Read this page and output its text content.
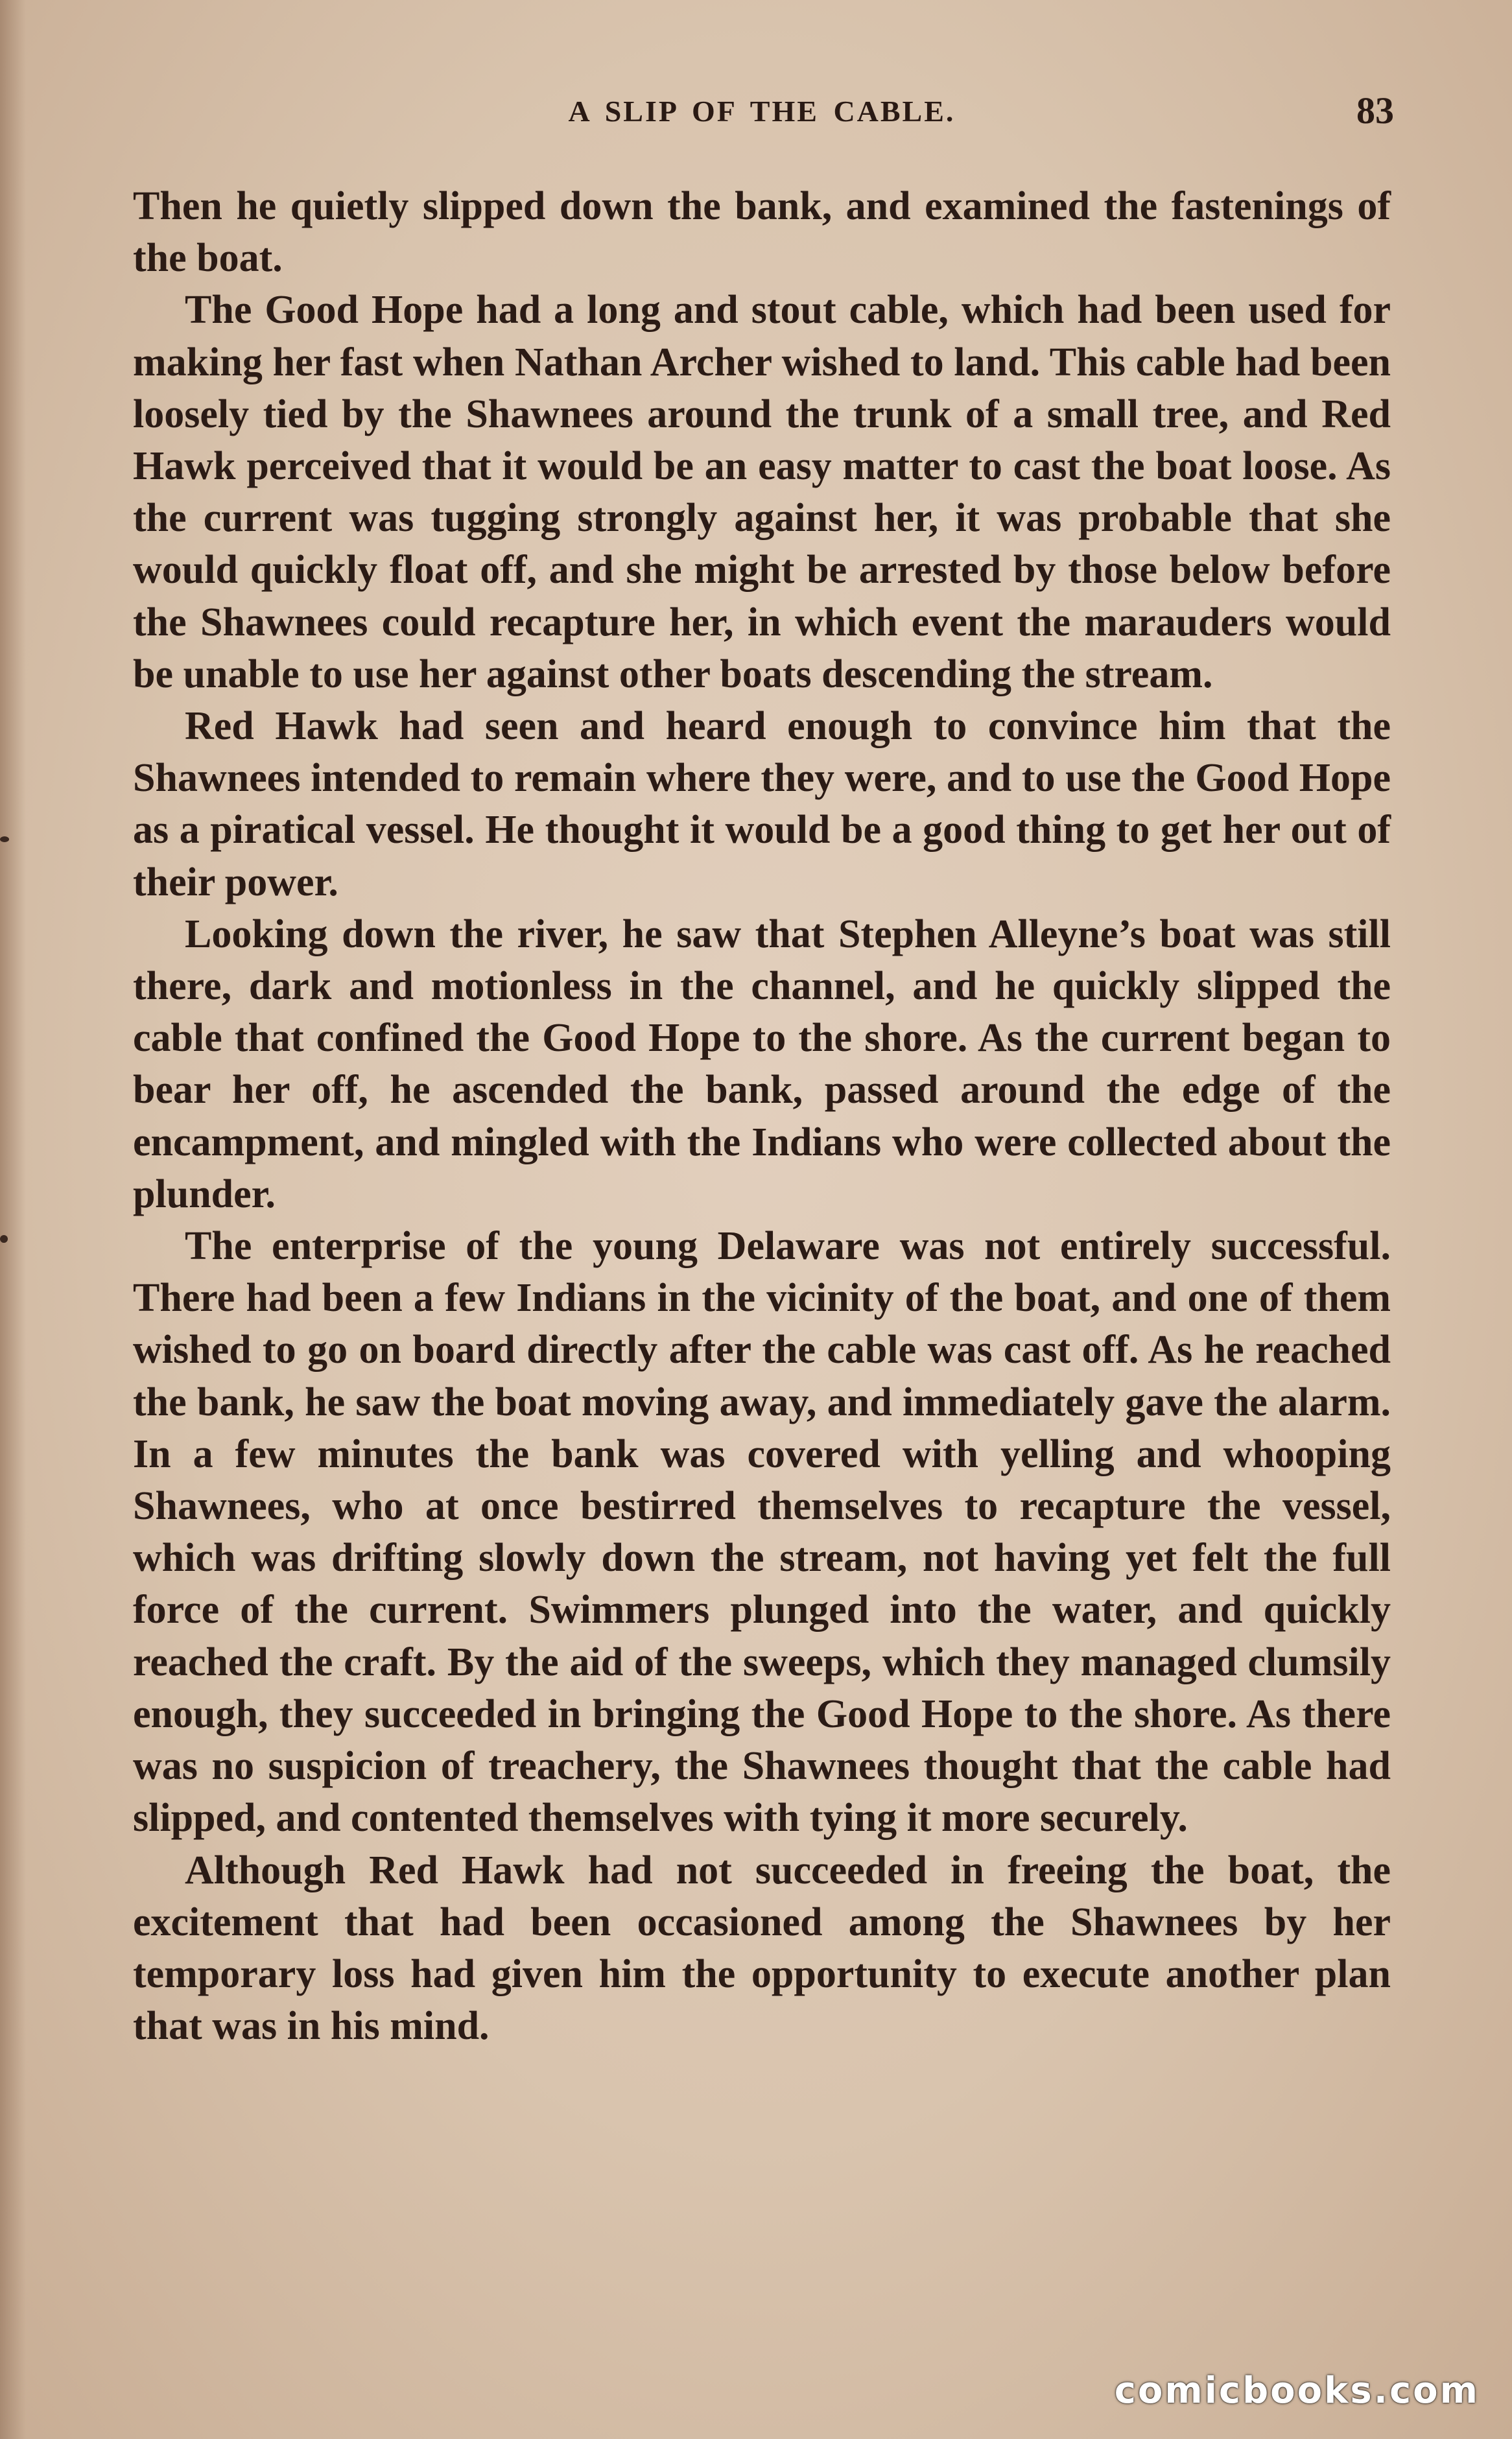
A SLIP OF THE CABLE.	83

Then he quietly slipped down the bank, and examined the fastenings of the boat.

The Good Hope had a long and stout cable, which had been used for making her fast when Nathan Archer wished to land. This cable had been loosely tied by the Shawnees around the trunk of a small tree, and Red Hawk perceived that it would be an easy matter to cast the boat loose. As the current was tugging strongly against her, it was probable that she would quickly float off, and she might be arrested by those below before the Shawnees could recapture her, in which event the marauders would be unable to use her against other boats descending the stream.

Red Hawk had seen and heard enough to convince him that the Shawnees intended to remain where they were, and to use the Good Hope as a piratical vessel. He thought it would be a good thing to get her out of their power.

Looking down the river, he saw that Stephen Alleyne’s boat was still there, dark and motionless in the channel, and he quickly slipped the cable that confined the Good Hope to the shore. As the current began to bear her off, he ascended the bank, passed around the edge of the encampment, and mingled with the Indians who were collected about the plunder.

The enterprise of the young Delaware was not entirely successful. There had been a few Indians in the vicinity of the boat, and one of them wished to go on board directly after the cable was cast off. As he reached the bank, he saw the boat moving away, and immediately gave the alarm. In a few minutes the bank was covered with yelling and whooping Shawnees, who at once bestirred themselves to recapture the vessel, which was drifting slowly down the stream, not having yet felt the full force of the current. Swimmers plunged into the water, and quickly reached the craft. By the aid of the sweeps, which they managed clumsily enough, they succeeded in bringing the Good Hope to the shore. As there was no suspicion of treachery, the Shawnees thought that the cable had slipped, and contented themselves with tying it more securely.

Although Red Hawk had not succeeded in freeing the boat, the excitement that had been occasioned among the Shawnees by her temporary loss had given him the opportunity to execute another plan that was in his mind.

comicbooks.com
